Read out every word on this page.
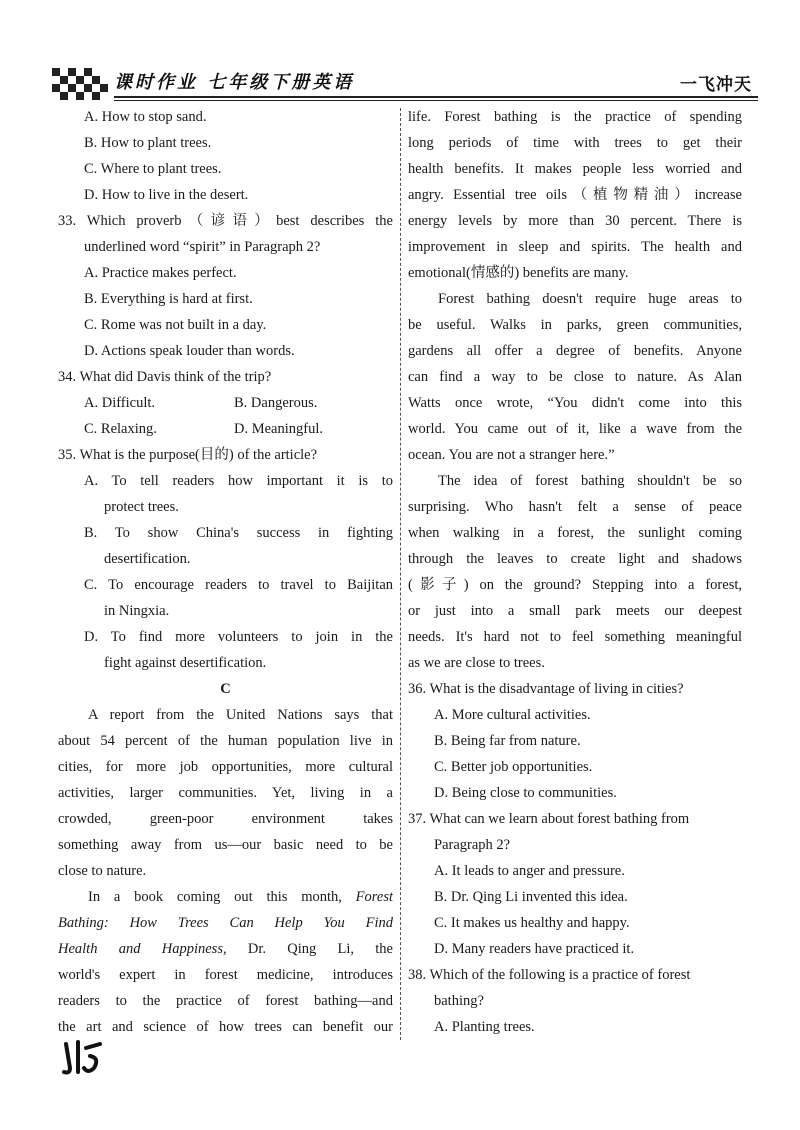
课时作业 七年级下册英语	一飞冲天
A. How to stop sand.
B. How to plant trees.
C. Where to plant trees.
D. How to live in the desert.
33. Which proverb（谚语）best describes the
underlined word “spirit” in Paragraph 2?
A. Practice makes perfect.
B. Everything is hard at first.
C. Rome was not built in a day.
D. Actions speak louder than words.
34. What did Davis think of the trip?
A. Difficult.	B. Dangerous.
C. Relaxing.	D. Meaningful.
35. What is the purpose(目的) of the article?
A. To tell readers how important it is to
protect trees.
B. To show China's success in fighting
desertification.
C. To encourage readers to travel to Baijitan
in Ningxia.
D. To find more volunteers to join in the
fight against desertification.
C
A report from the United Nations says that
about 54 percent of the human population live in
cities, for more job opportunities, more cultural
activities, larger communities. Yet, living in a
crowded, green-poor environment takes
something away from us—our basic need to be
close to nature.
In a book coming out this month, Forest
Bathing: How Trees Can Help You Find
Health and Happiness, Dr. Qing Li, the
world's expert in forest medicine, introduces
readers to the practice of forest bathing—and
the art and science of how trees can benefit our
life. Forest bathing is the practice of spending
long periods of time with trees to get their
health benefits. It makes people less worried and
angry. Essential tree oils（植物精油）increase
energy levels by more than 30 percent. There is
improvement in sleep and spirits. The health and
emotional(情感的) benefits are many.
Forest bathing doesn't require huge areas to
be useful. Walks in parks, green communities,
gardens all offer a degree of benefits. Anyone
can find a way to be close to nature. As Alan
Watts once wrote, “You didn't come into this
world. You came out of it, like a wave from the
ocean. You are not a stranger here.”
The idea of forest bathing shouldn't be so
surprising. Who hasn't felt a sense of peace
when walking in a forest, the sunlight coming
through the leaves to create light and shadows
(影子) on the ground? Stepping into a forest,
or just into a small park meets our deepest
needs. It's hard not to feel something meaningful
as we are close to trees.
36. What is the disadvantage of living in cities?
A. More cultural activities.
B. Being far from nature.
C. Better job opportunities.
D. Being close to communities.
37. What can we learn about forest bathing from
Paragraph 2?
A. It leads to anger and pressure.
B. Dr. Qing Li invented this idea.
C. It makes us healthy and happy.
D. Many readers have practiced it.
38. Which of the following is a practice of forest
bathing?
A. Planting trees.
